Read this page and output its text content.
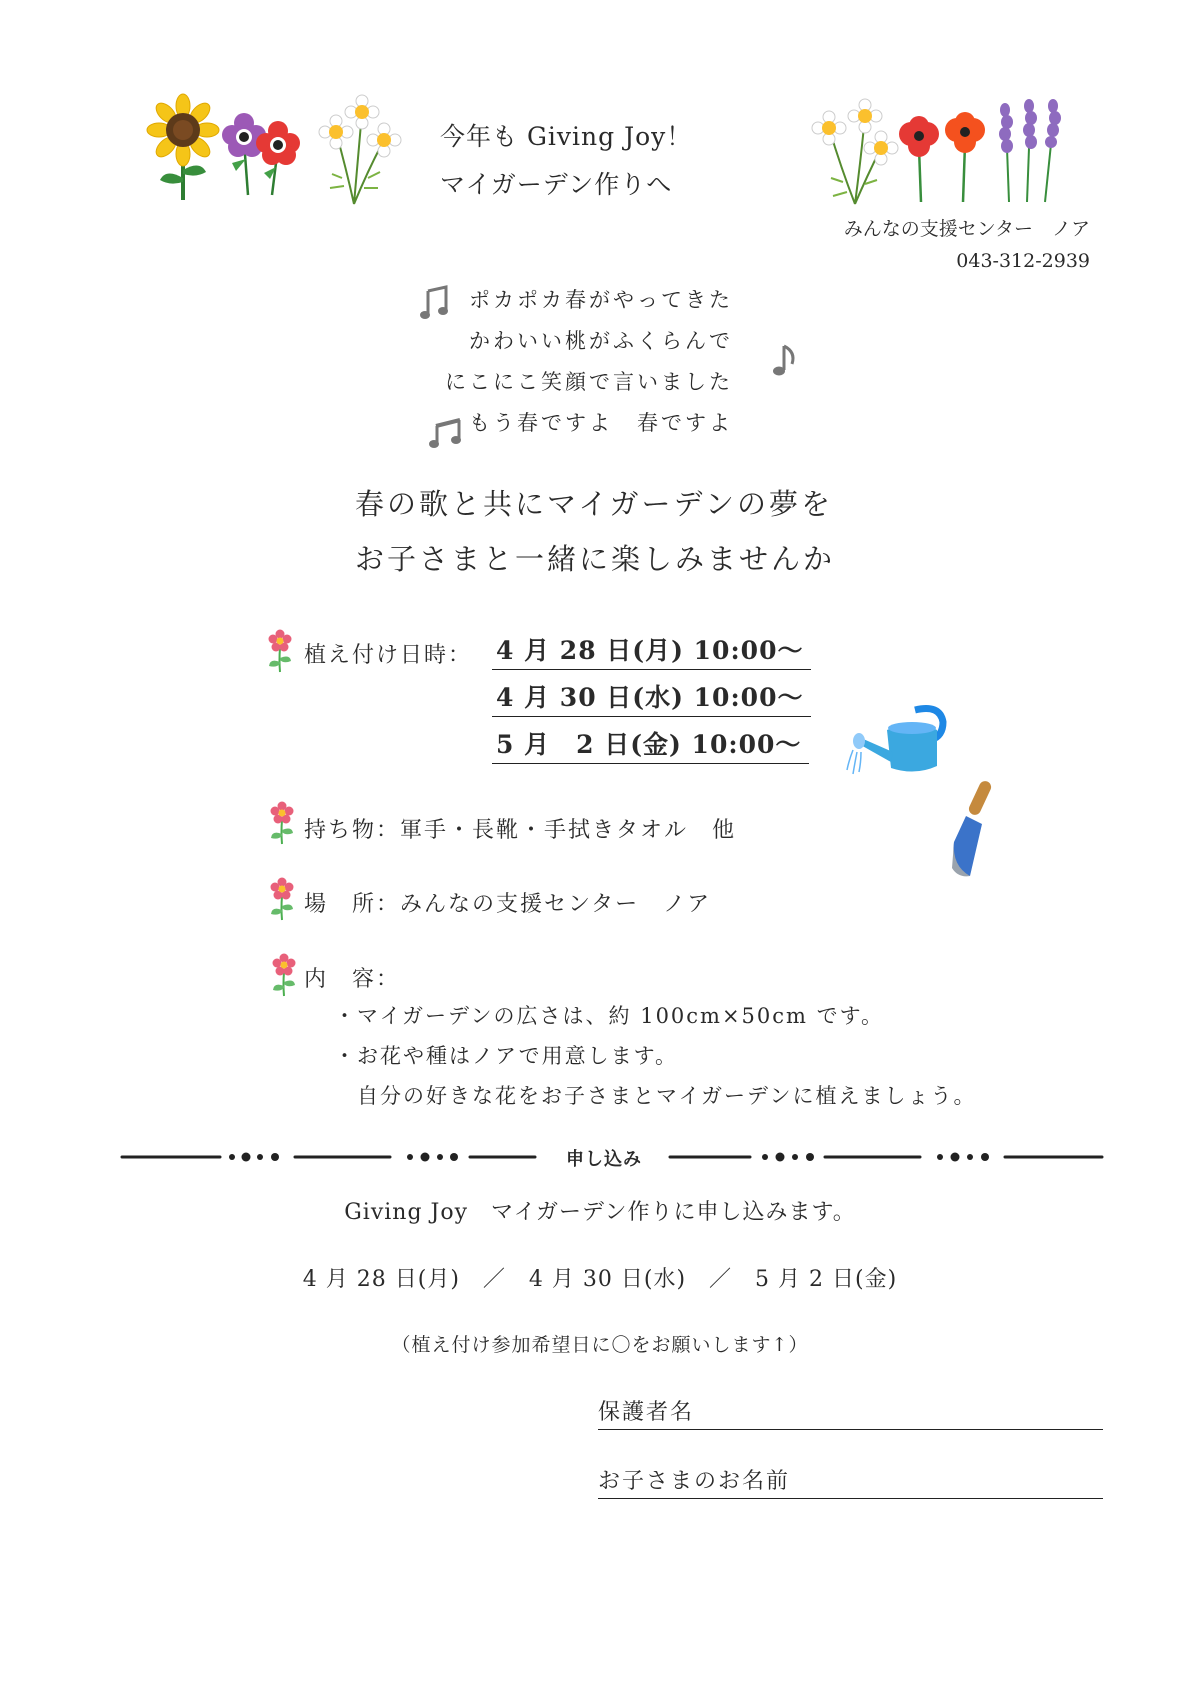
今年も Giving Joy！
マイガーデン作りへ
みんなの支援センター　ノア
043-312-2939
ポカポカ春がやってきた
かわいい桃がふくらんで
にこにこ笑顔で言いました
もう春ですよ　春ですよ
春の歌と共にマイガーデンの夢を
お子さまと一緒に楽しみませんか
植え付け日時： 4 月 28 日(月) 10:00～
4 月 30 日(水) 10:00～
5 月　2 日(金) 10:00～
持ち物：軍手・長靴・手拭きタオル　他
場　所：みんなの支援センター　ノア
内　容：
・マイガーデンの広さは、約 100cm×50cm です。
・お花や種はノアで用意します。
　自分の好きな花をお子さまとマイガーデンに植えましょう。
申し込み
Giving Joy　マイガーデン作りに申し込みます。
4 月 28 日(月)　／　4 月 30 日(水)　／　5 月 2 日(金)
（植え付け参加希望日に〇をお願いします↑）
保護者名
お子さまのお名前
